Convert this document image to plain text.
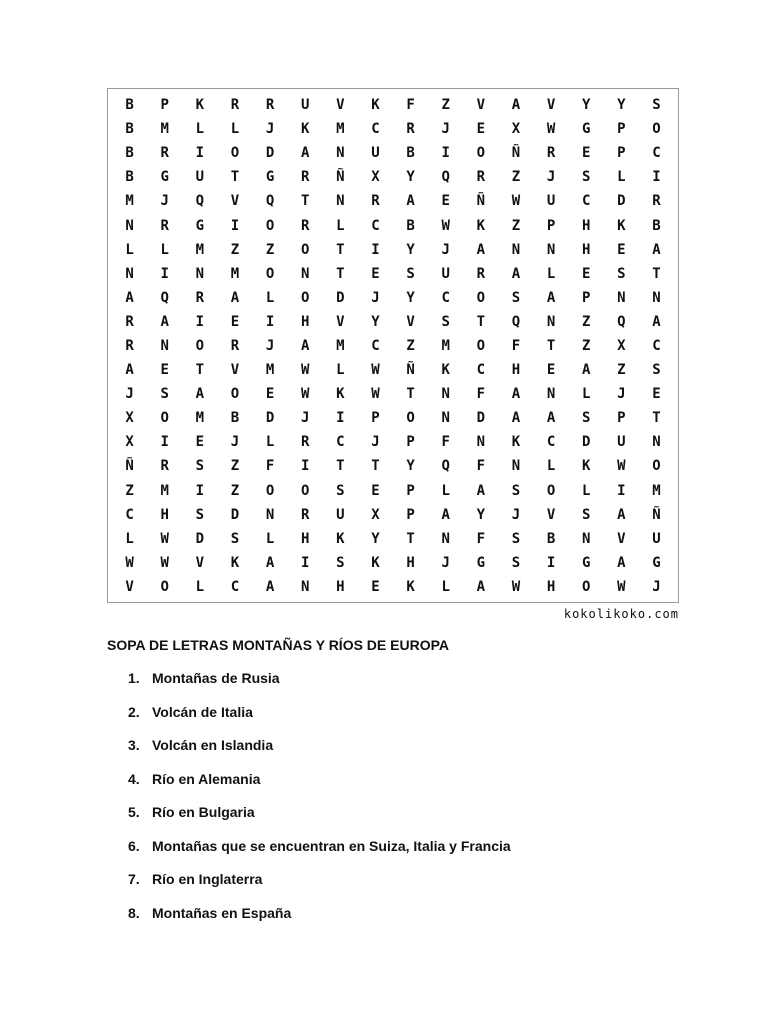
B	P	K	R	R	U	V	K	F	Z	V	A	V	Y	Y	S
B	M	L	L	J	K	M	C	R	J	E	X	W	G	P	O
B	R	I	O	D	A	N	U	B	I	O	Ñ	R	E	P	C
B	G	U	T	G	R	Ñ	X	Y	Q	R	Z	J	S	L	I
M	J	Q	V	Q	T	N	R	A	E	Ñ	W	U	C	D	R
N	R	G	I	O	R	L	C	B	W	K	Z	P	H	K	B
L	L	M	Z	Z	O	T	I	Y	J	A	N	N	H	E	A
N	I	N	M	O	N	T	E	S	U	R	A	L	E	S	T
A	Q	R	A	L	O	D	J	Y	C	O	S	A	P	N	N
R	A	I	E	I	H	V	Y	V	S	T	Q	N	Z	Q	A
R	N	O	R	J	A	M	C	Z	M	O	F	T	Z	X	C
A	E	T	V	M	W	L	W	Ñ	K	C	H	E	A	Z	S
J	S	A	O	E	W	K	W	T	N	F	A	N	L	J	E
X	O	M	B	D	J	I	P	O	N	D	A	A	S	P	T
X	I	E	J	L	R	C	J	P	F	N	K	C	D	U	N
Ñ	R	S	Z	F	I	T	T	Y	Q	F	N	L	K	W	O
Z	M	I	Z	O	O	S	E	P	L	A	S	O	L	I	M
C	H	S	D	N	R	U	X	P	A	Y	J	V	S	A	Ñ
L	W	D	S	L	H	K	Y	T	N	F	S	B	N	V	U
W	W	V	K	A	I	S	K	H	J	G	S	I	G	A	G
V	O	L	C	A	N	H	E	K	L	A	W	H	O	W	J
kokolikoko.com
SOPA DE LETRAS MONTAÑAS Y RÍOS DE EUROPA
1. Montañas de Rusia
2. Volcán de Italia
3. Volcán en Islandia
4. Río en Alemania
5. Río en Bulgaria
6. Montañas que se encuentran en Suiza, Italia y Francia
7. Río en Inglaterra
8. Montañas en España
